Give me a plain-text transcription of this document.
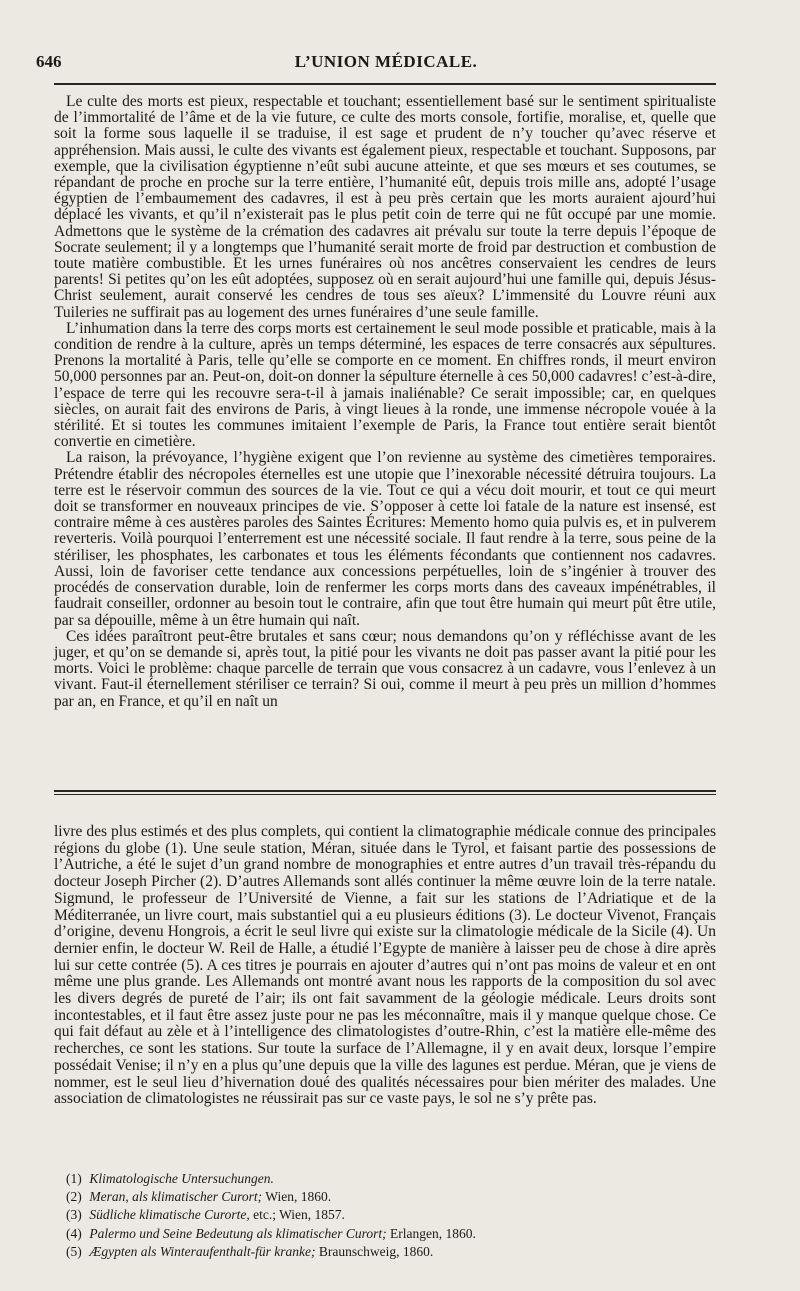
646	L’UNION MÉDICALE.

Le culte des morts est pieux, respectable et touchant; essentiellement basé sur le sentiment spiritualiste de l’immortalité de l’âme et de la vie future, ce culte des morts console, fortifie, moralise, et, quelle que soit la forme sous laquelle il se traduise, il est sage et prudent de n’y toucher qu’avec réserve et appréhension. Mais aussi, le culte des vivants est également pieux, respectable et touchant. Supposons, par exemple, que la civilisation égyptienne n’eût subi aucune atteinte, et que ses mœurs et ses coutumes, se répandant de proche en proche sur la terre entière, l’humanité eût, depuis trois mille ans, adopté l’usage égyptien de l’embaumement des cadavres, il est à peu près certain que les morts auraient ajourd’hui déplacé les vivants, et qu’il n’existerait pas le plus petit coin de terre qui ne fût occupé par une momie. Admettons que le système de la crémation des cadavres ait prévalu sur toute la terre depuis l’époque de Socrate seulement; il y a longtemps que l’humanité serait morte de froid par destruction et combustion de toute matière combustible. Et les urnes funéraires où nos ancêtres conservaient les cendres de leurs parents! Si petites qu’on les eût adoptées, supposez où en serait aujourd’hui une famille qui, depuis Jésus-Christ seulement, aurait conservé les cendres de tous ses aïeux? L’immensité du Louvre réuni aux Tuileries ne suffirait pas au logement des urnes funéraires d’une seule famille.

L’inhumation dans la terre des corps morts est certainement le seul mode possible et praticable, mais à la condition de rendre à la culture, après un temps déterminé, les espaces de terre consacrés aux sépultures. Prenons la mortalité à Paris, telle qu’elle se comporte en ce moment. En chiffres ronds, il meurt environ 50,000 personnes par an. Peut-on, doit-on donner la sépulture éternelle à ces 50,000 cadavres! c’est-à-dire, l’espace de terre qui les recouvre sera-t-il à jamais inaliénable? Ce serait impossible; car, en quelques siècles, on aurait fait des environs de Paris, à vingt lieues à la ronde, une immense nécropole vouée à la stérilité. Et si toutes les communes imitaient l’exemple de Paris, la France tout entière serait bientôt convertie en cimetière.

La raison, la prévoyance, l’hygiène exigent que l’on revienne au système des cimetières temporaires. Prétendre établir des nécropoles éternelles est une utopie que l’inexorable nécessité détruira toujours. La terre est le réservoir commun des sources de la vie. Tout ce qui a vécu doit mourir, et tout ce qui meurt doit se transformer en nouveaux principes de vie. S’opposer à cette loi fatale de la nature est insensé, est contraire même à ces austères paroles des Saintes Écritures: Memento homo quia pulvis es, et in pulverem reverteris. Voilà pourquoi l’enterrement est une nécessité sociale. Il faut rendre à la terre, sous peine de la stériliser, les phosphates, les carbonates et tous les éléments fécondants que contiennent nos cadavres. Aussi, loin de favoriser cette tendance aux concessions perpétuelles, loin de s’ingénier à trouver des procédés de conservation durable, loin de renfermer les corps morts dans des caveaux impénétrables, il faudrait conseiller, ordonner au besoin tout le contraire, afin que tout être humain qui meurt pût être utile, par sa dépouille, même à un être humain qui naît.

Ces idées paraîtront peut-être brutales et sans cœur; nous demandons qu’on y réfléchisse avant de les juger, et qu’on se demande si, après tout, la pitié pour les vivants ne doit pas passer avant la pitié pour les morts. Voici le problème: chaque parcelle de terrain que vous consacrez à un cadavre, vous l’enlevez à un vivant. Faut-il éternellement stériliser ce terrain? Si oui, comme il meurt à peu près un million d’hommes par an, en France, et qu’il en naît un

livre des plus estimés et des plus complets, qui contient la climatographie médicale connue des principales régions du globe (1). Une seule station, Méran, située dans le Tyrol, et faisant partie des possessions de l’Autriche, a été le sujet d’un grand nombre de monographies et entre autres d’un travail très-répandu du docteur Joseph Pircher (2). D’autres Allemands sont allés continuer la même œuvre loin de la terre natale. Sigmund, le professeur de l’Université de Vienne, a fait sur les stations de l’Adriatique et de la Méditerranée, un livre court, mais substantiel qui a eu plusieurs éditions (3). Le docteur Vivenot, Français d’origine, devenu Hongrois, a écrit le seul livre qui existe sur la climatologie médicale de la Sicile (4). Un dernier enfin, le docteur W. Reil de Halle, a étudié l’Egypte de manière à laisser peu de chose à dire après lui sur cette contrée (5). A ces titres je pourrais en ajouter d’autres qui n’ont pas moins de valeur et en ont même une plus grande. Les Allemands ont montré avant nous les rapports de la composition du sol avec les divers degrés de pureté de l’air; ils ont fait savamment de la géologie médicale. Leurs droits sont incontestables, et il faut être assez juste pour ne pas les méconnaître, mais il y manque quelque chose. Ce qui fait défaut au zèle et à l’intelligence des climatologistes d’outre-Rhin, c’est la matière elle-même des recherches, ce sont les stations. Sur toute la surface de l’Allemagne, il y en avait deux, lorsque l’empire possédait Venise; il n’y en a plus qu’une depuis que la ville des lagunes est perdue. Méran, que je viens de nommer, est le seul lieu d’hivernation doué des qualités nécessaires pour bien mériter des malades. Une association de climatologistes ne réussirait pas sur ce vaste pays, le sol ne s’y prête pas.

(1) Klimatologische Untersuchungen.
(2) Meran, als klimatischer Curort; Wien, 1860.
(3) Südliche klimatische Curorte, etc.; Wien, 1857.
(4) Palermo und Seine Bedeutung als klimatischer Curort; Erlangen, 1860.
(5) Ægypten als Winteraufenthalt-für kranke; Braunschweig, 1860.
